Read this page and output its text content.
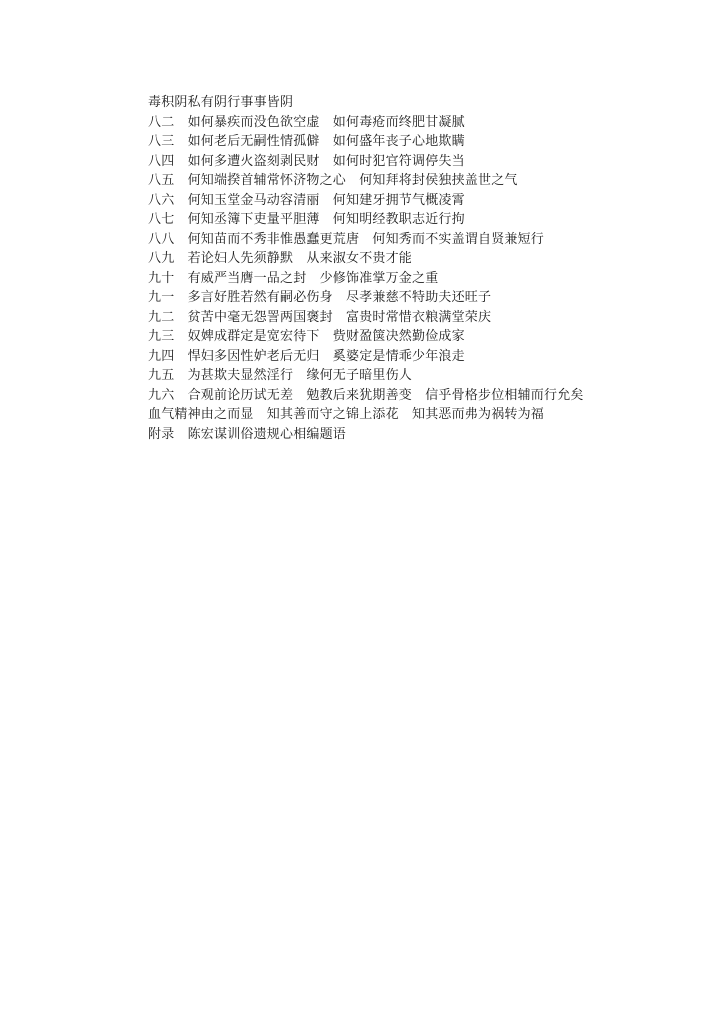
毒积阴私有阴行事事皆阴

八二　如何暴疾而没色欲空虚　如何毒疮而终肥甘凝腻

八三　如何老后无嗣性情孤僻　如何盛年丧子心地欺瞒

八四　如何多遭火盗刻剥民财　如何时犯官符调停失当

八五　何知端揆首辅常怀济物之心　何知拜将封侯独挟盖世之气

八六　何知玉堂金马动容清丽　何知建牙拥节气概凌霄

八七　何知丞簿下吏量平胆薄　何知明经教职志近行拘

八八　何知苗而不秀非惟愚蠢更荒唐　何知秀而不实盖谓自贤兼短行

八九　若论妇人先须静默　从来淑女不贵才能

九十　有威严当膺一品之封　少修饰准掌万金之重

九一　多言好胜若然有嗣必伤身　尽孝兼慈不特助夫还旺子

九二　贫苦中毫无怨詈两国褒封　富贵时常惜衣粮满堂荣庆

九三　奴婢成群定是宽宏待下　赀财盈箧决然勤俭成家

九四　悍妇多因性妒老后无归　奚婆定是情乖少年浪走

九五　为甚欺夫显然淫行　缘何无子暗里伤人

九六　合观前论历试无差　勉教后来犹期善变　信乎骨格步位相辅而行允矣血气精神由之而显　知其善而守之锦上添花　知其恶而弗为祸转为福

附录　陈宏谋训俗遗规心相编题语
